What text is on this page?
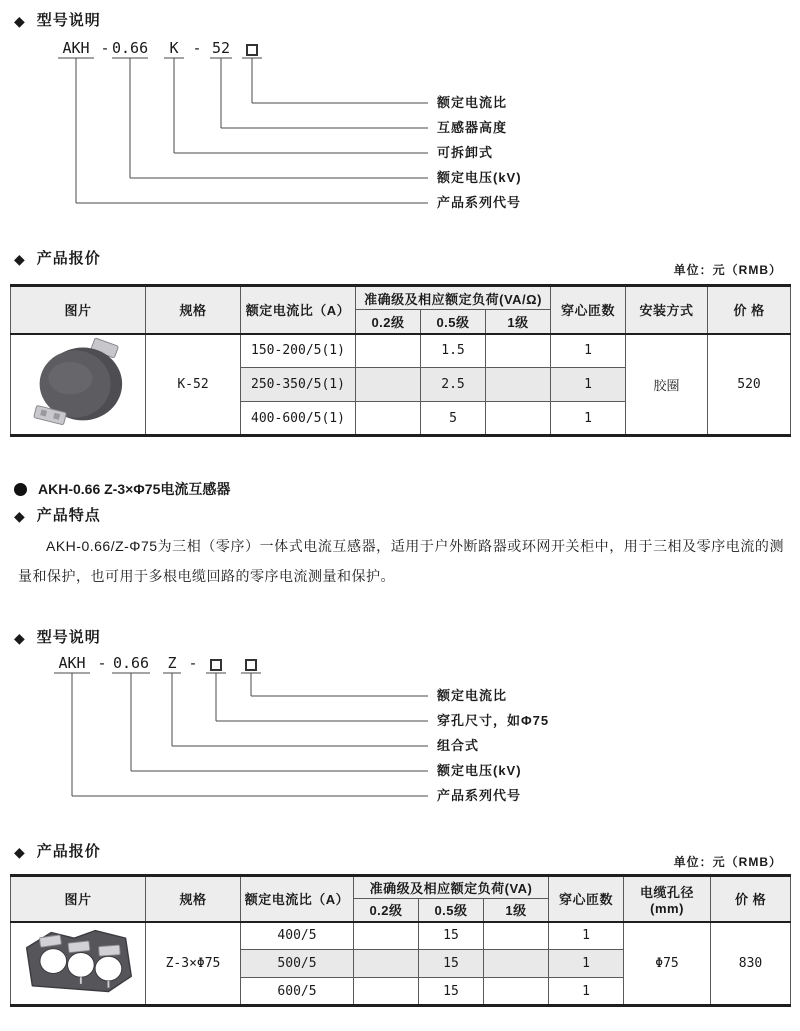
◆ 型号说明
AKH - 0.66	K - 52
额定电流比
互感器高度
可拆卸式
额定电压(kV)
产品系列代号
◆ 产品报价
单位：元（RMB）
图片	规格	额定电流比（A）	准确级及相应额定负荷(VA/Ω)			穿心匝数	安装方式	价 格
			0.2级	0.5级	1级			
	K-52	150-200/5(1)		1.5		1	胶圈	520
		250-350/5(1)		2.5		1		
		400-600/5(1)		5		1		
AKH-0.66 Z-3×Φ75电流互感器
◆ 产品特点

AKH-0.66/Z-Φ75为三相（零序）一体式电流互感器，适用于户外断路器或环网开关柜中，用于三相及零序电流的测量和保护，也可用于多根电缆回路的零序电流测量和保护。

◆ 型号说明
AKH - 0.66 Z -
额定电流比
穿孔尺寸，如Φ75
组合式
额定电压(kV)
产品系列代号
◆ 产品报价
单位：元（RMB）
图片	规格	额定电流比（A）	准确级及相应额定负荷(VA)			穿心匝数	电缆孔径(mm)	价 格
			0.2级	0.5级	1级			
	Z-3×Φ75	400/5		15		1	Φ75	830
		500/5		15		1		
		600/5		15		1		
